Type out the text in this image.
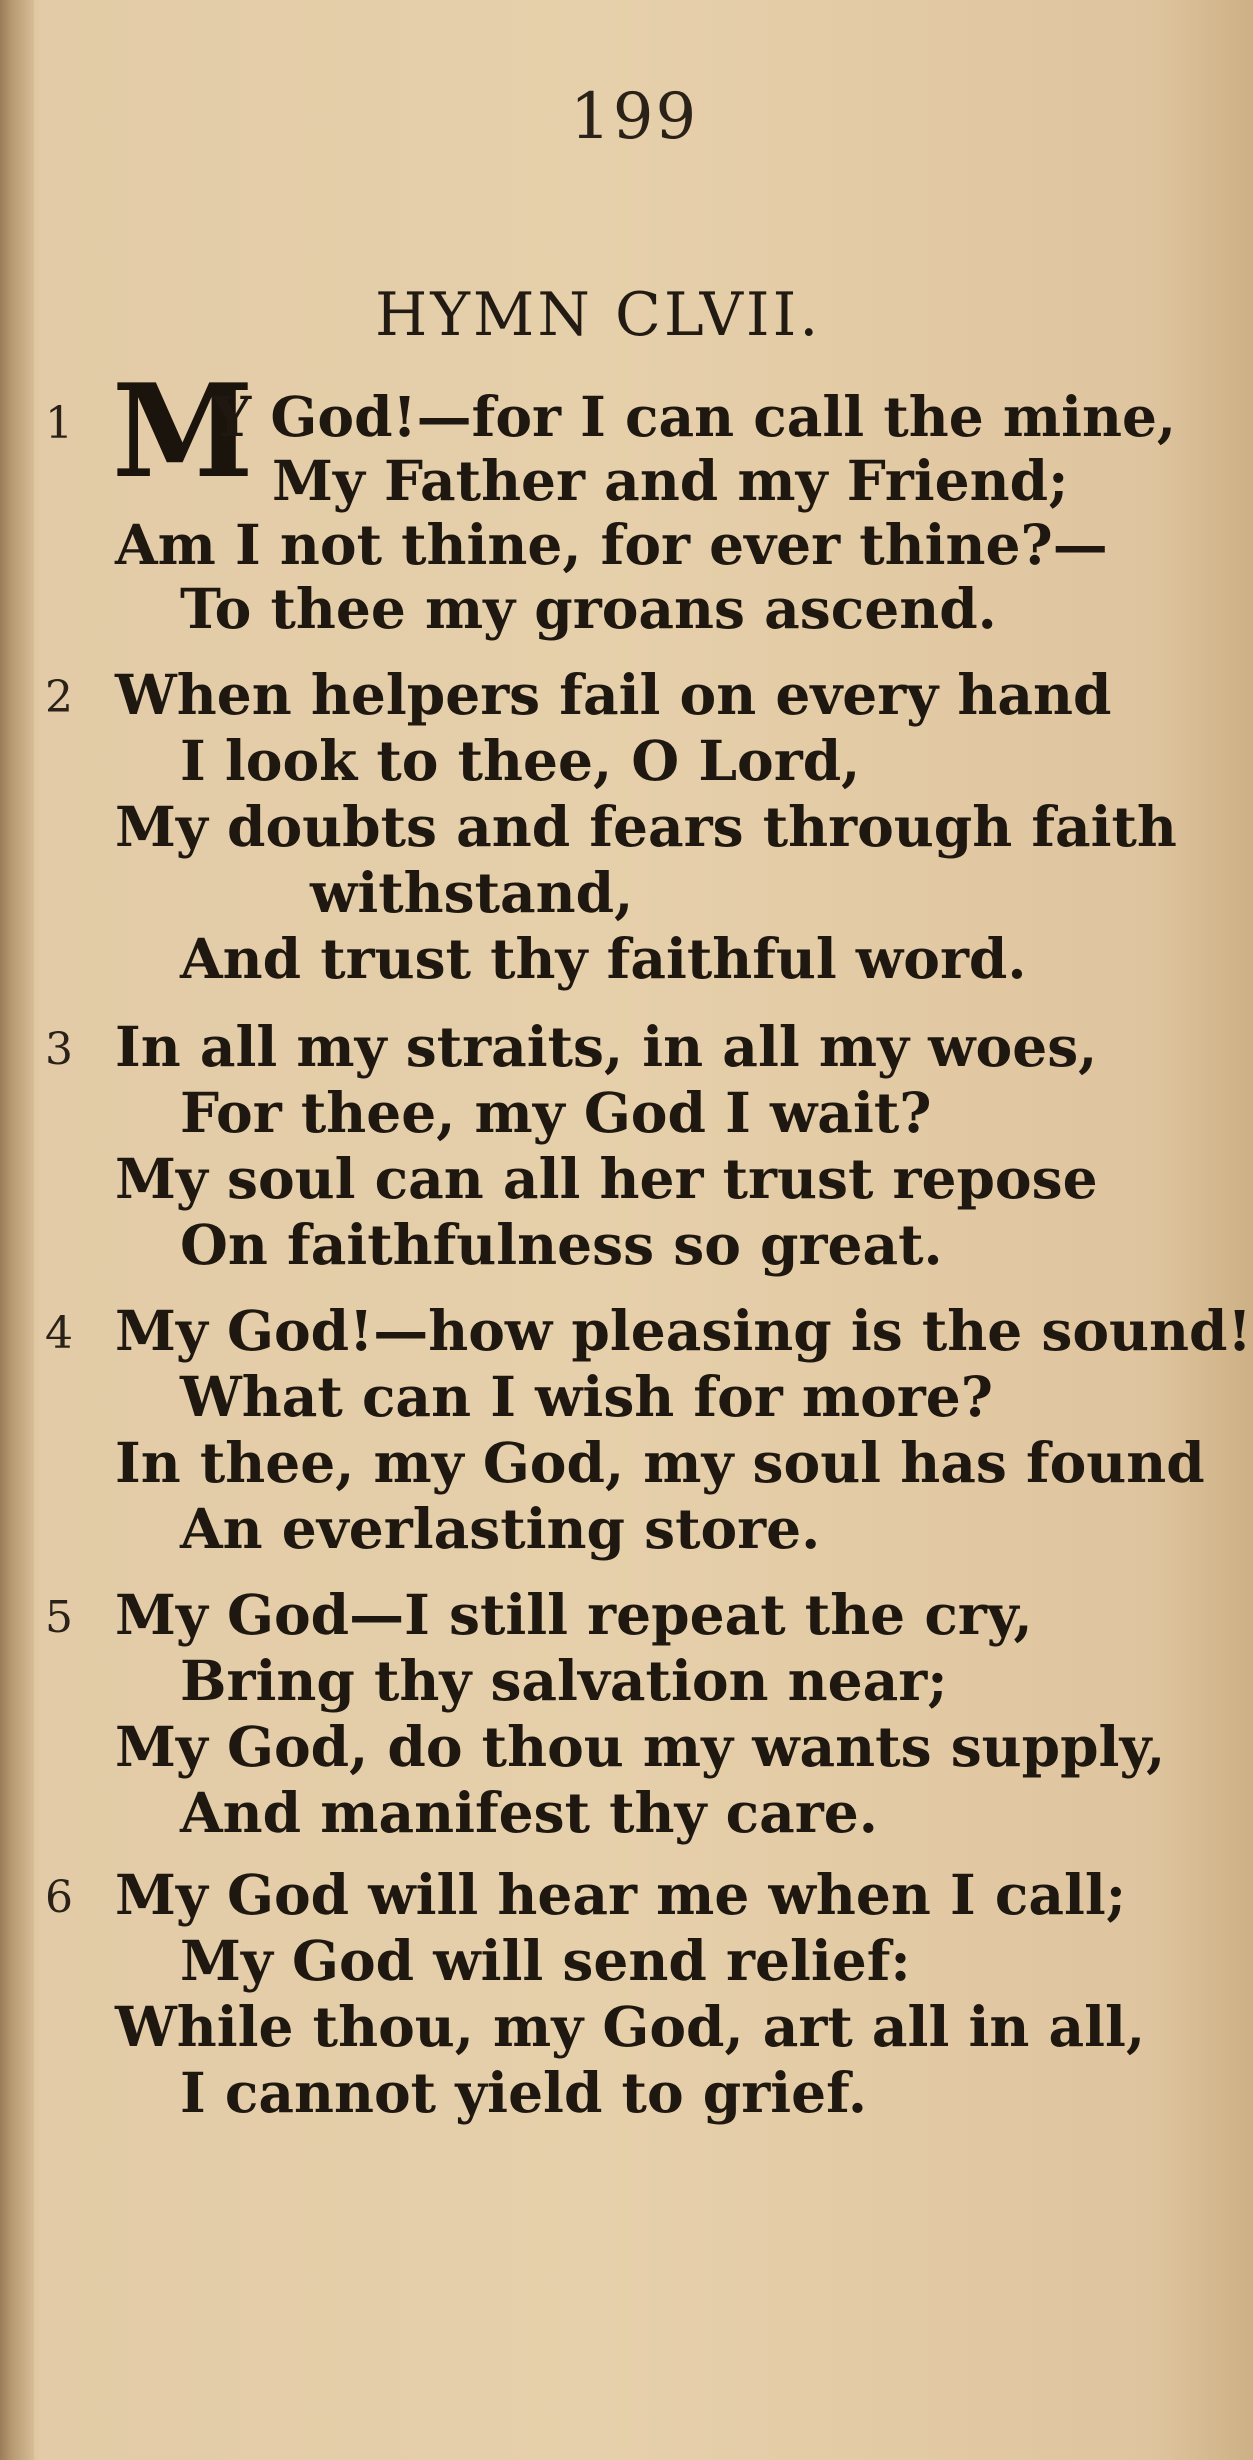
199
HYMN CLVII.
1 M
Y God!—for I can call the mine,
My Father and my Friend;
Am I not thine, for ever thine?—
To thee my groans ascend.
2 When helpers fail on every hand
I look to thee, O Lord,
My doubts and fears through faith
withstand,
And trust thy faithful word.
3 In all my straits, in all my woes,
For thee, my God I wait?
My soul can all her trust repose
On faithfulness so great.
4 My God!—how pleasing is the sound!
What can I wish for more?
In thee, my God, my soul has found
An everlasting store.
5 My God—I still repeat the cry,
Bring thy salvation near;
My God, do thou my wants supply,
And manifest thy care.
6 My God will hear me when I call;
My God will send relief:
While thou, my God, art all in all,
I cannot yield to grief.
